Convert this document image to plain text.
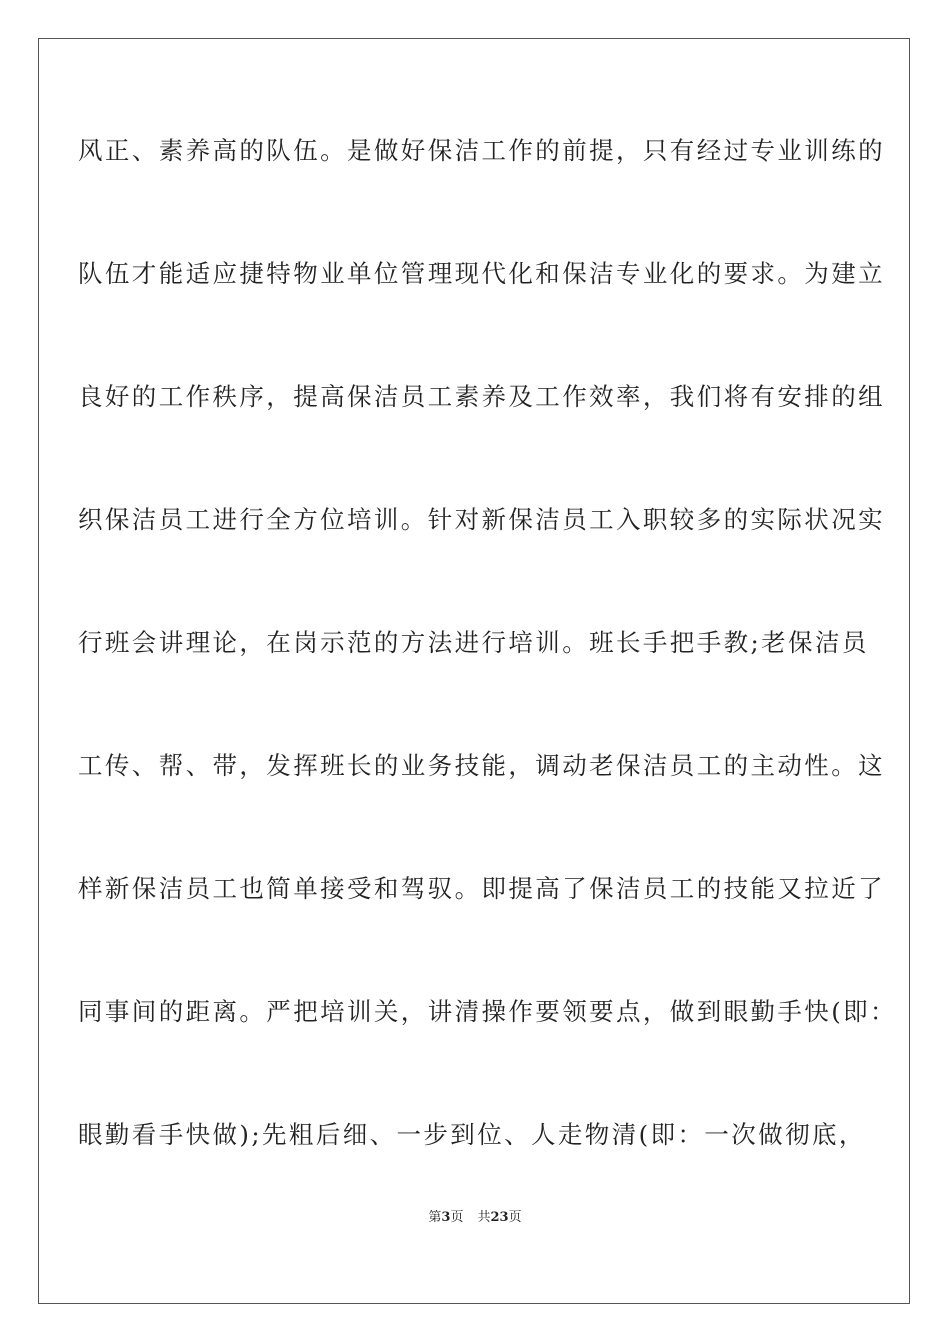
风正、素养高的队伍。是做好保洁工作的前提，只有经过专业训练的
队伍才能适应捷特物业单位管理现代化和保洁专业化的要求。为建立
良好的工作秩序，提高保洁员工素养及工作效率，我们将有安排的组
织保洁员工进行全方位培训。针对新保洁员工入职较多的实际状况实
行班会讲理论，在岗示范的方法进行培训。班长手把手教;老保洁员
工传、帮、带，发挥班长的业务技能，调动老保洁员工的主动性。这
样新保洁员工也简单接受和驾驭。即提高了保洁员工的技能又拉近了
同事间的距离。严把培训关，讲清操作要领要点，做到眼勤手快(即：
眼勤看手快做);先粗后细、一步到位、人走物清(即：一次做彻底，
第3页 共23页
